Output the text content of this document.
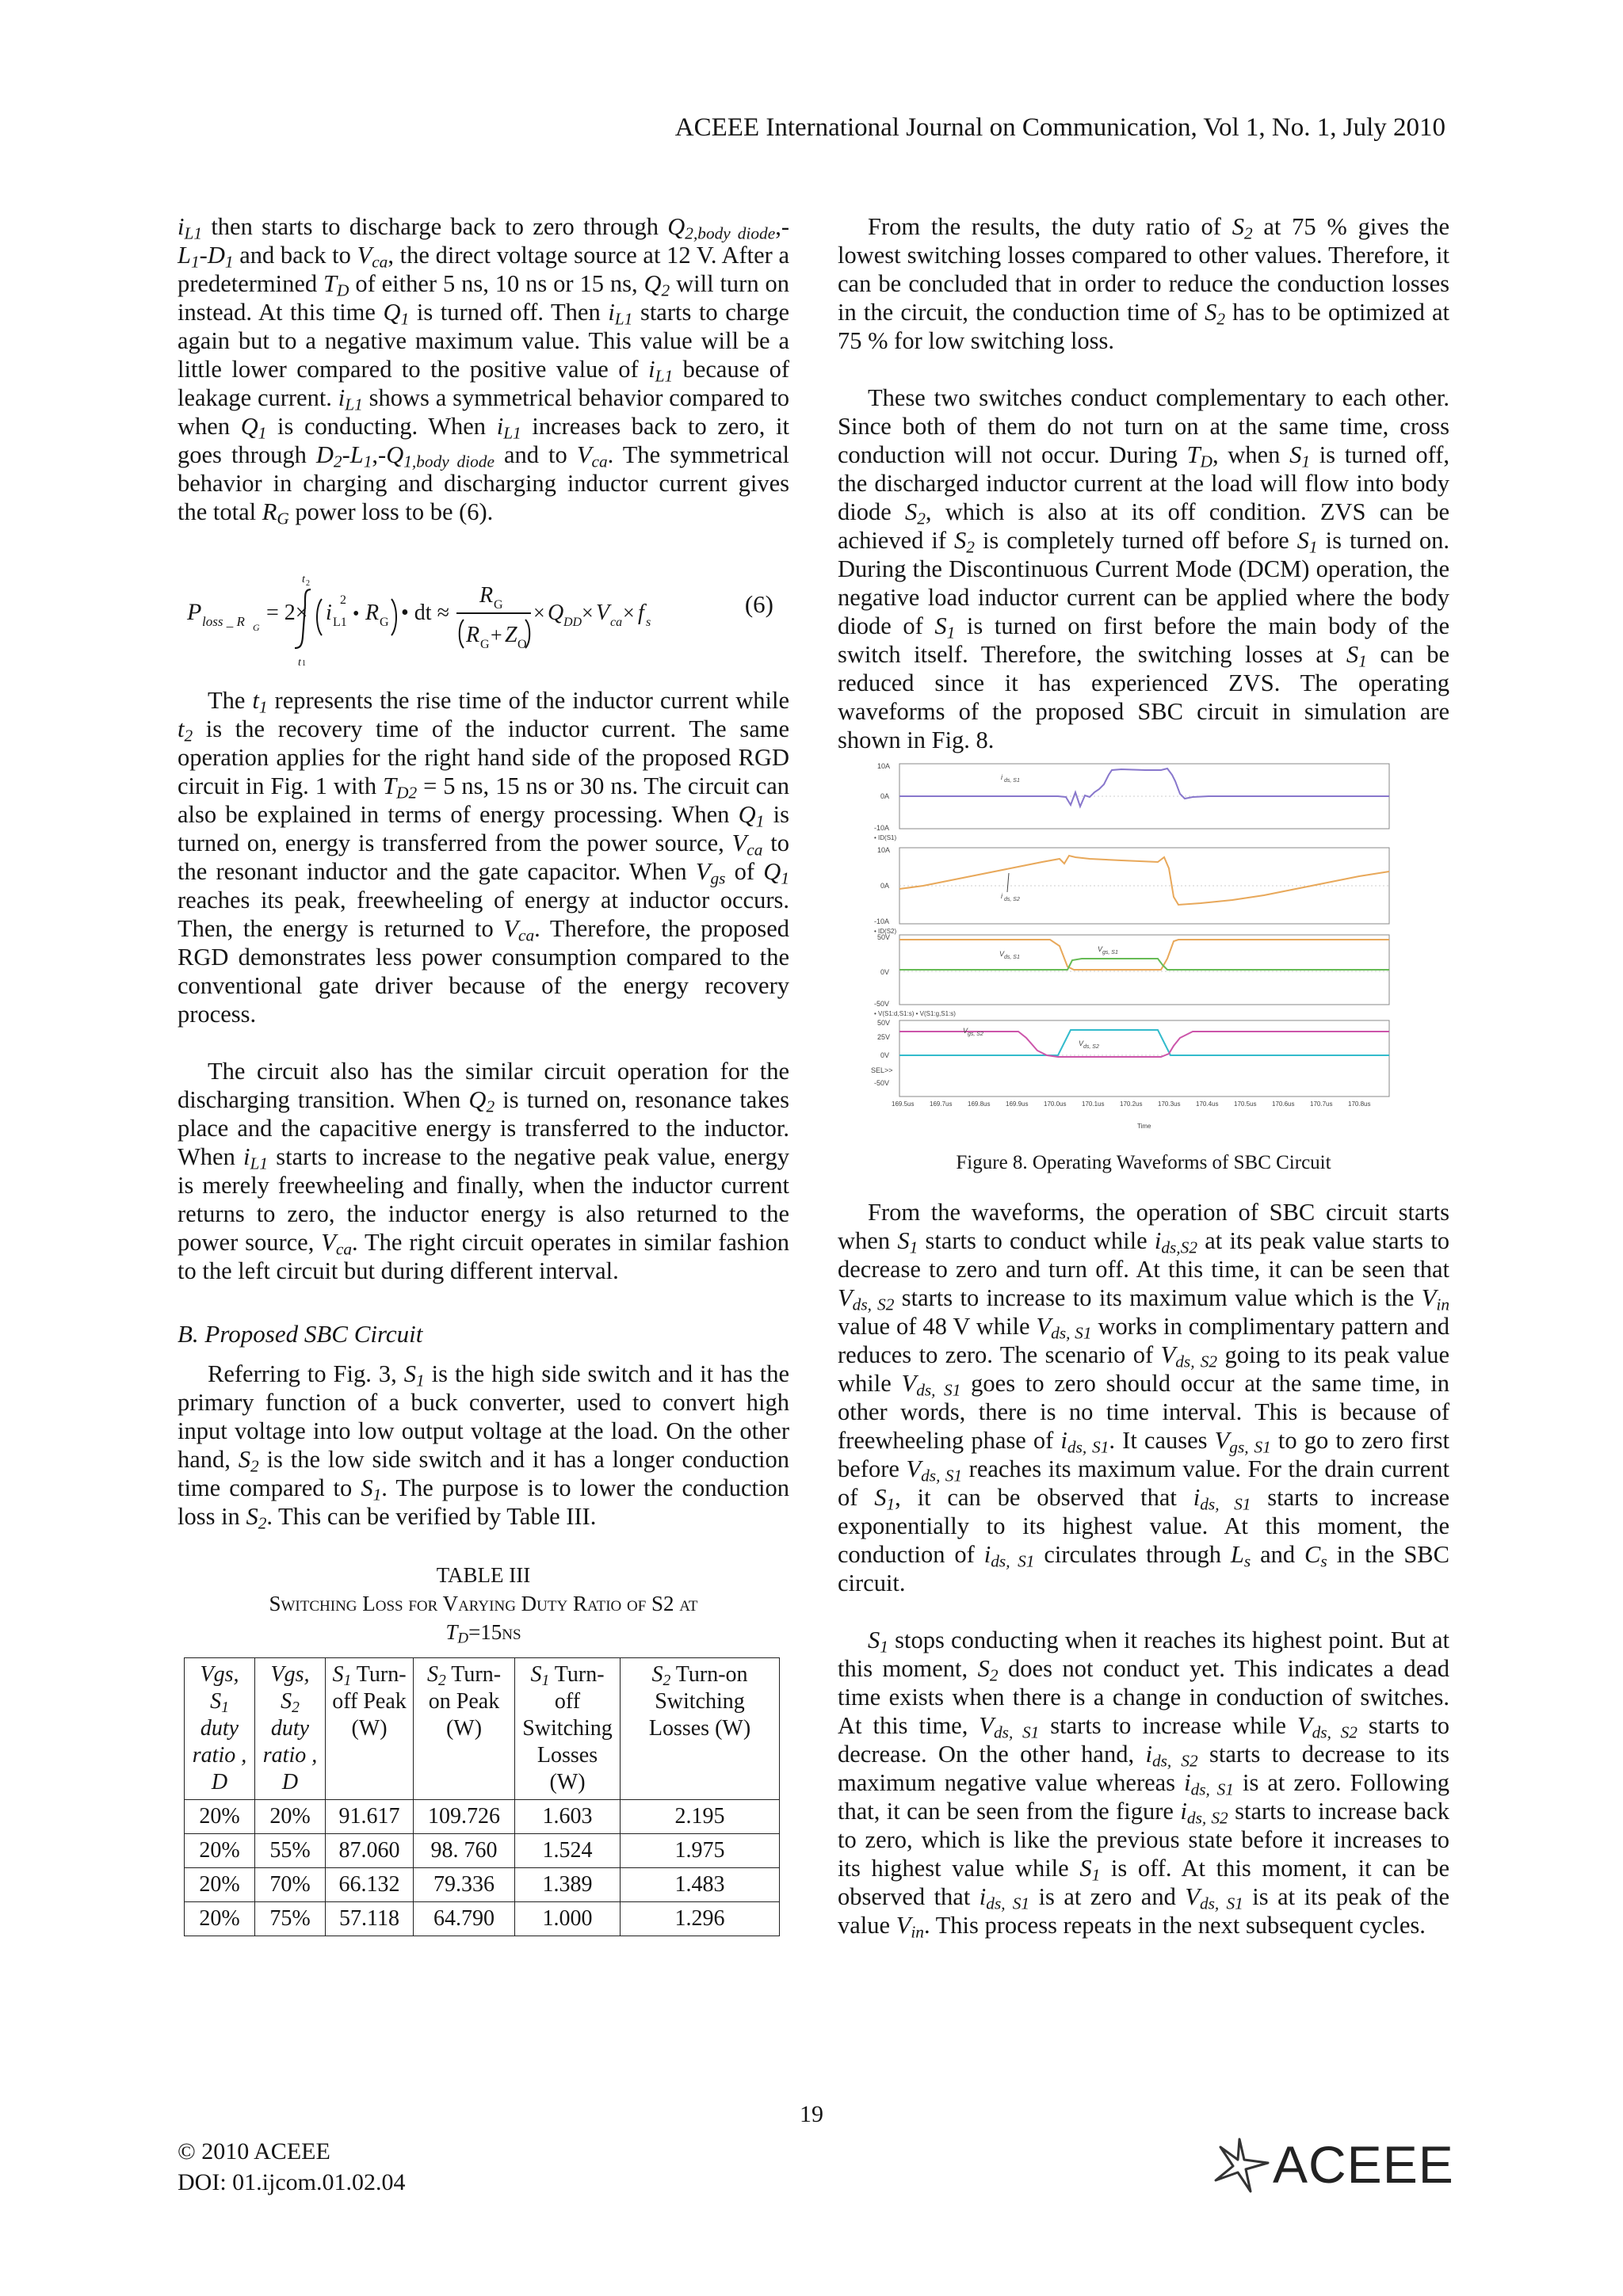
ACEEE International Journal on Communication, Vol 1, No. 1, July 2010

$i_{L1}$ then starts to discharge back to zero through $Q_{2,body diode},-L_1-D_1$ and back to $V_{ca}$, the direct voltage source at 12 V. After a predetermined $T_D$ of either 5 ns, 10 ns or 15 ns, $Q_2$ will turn on instead. At this time $Q_1$ is turned off. Then $i_{L1}$ starts to charge again but to a negative maximum value. This value will be a little lower compared to the positive value of $i_{L1}$ because of leakage current. $i_{L1}$ shows a symmetrical behavior compared to when $Q_1$ is conducting. When $i_{L1}$ increases back to zero, it goes through $D_2-L_1,-Q_{1,body diode}$ and to $V_{ca}$. The symmetrical behavior in charging and discharging inductor current gives the total $R_G$ power loss to be (6).

P loss _ R G
= 2×
t 2
t 1
i L1
2
• R G • dt ≈
R G
R G + Z O
× Q DD × V ca × f s
(6)

The $t_1$ represents the rise time of the inductor current while $t_2$ is the recovery time of the inductor current. The same operation applies for the right hand side of the proposed RGD circuit in Fig. 1 with $T_{D2} = 5$ ns, 15 ns or 30 ns. The circuit can also be explained in terms of energy processing. When $Q_1$ is turned on, energy is transferred from the power source, $V_{ca}$ to the resonant inductor and the gate capacitor. When $V_{gs}$ of $Q_1$ reaches its peak, freewheeling of energy at inductor occurs. Then, the energy is returned to $V_{ca}$. Therefore, the proposed RGD demonstrates less power consumption compared to the conventional gate driver because of the energy recovery process.

The circuit also has the similar circuit operation for the discharging transition. When $Q_2$ is turned on, resonance takes place and the capacitive energy is transferred to the inductor. When $i_{L1}$ starts to increase to the negative peak value, energy is merely freewheeling and finally, when the inductor current returns to zero, the inductor energy is also returned to the power source, $V_{ca}$. The right circuit operates in similar fashion to the left circuit but during different interval.

B. Proposed SBC Circuit

Referring to Fig. 3, $S_1$ is the high side switch and it has the primary function of a buck converter, used to convert high input voltage into low output voltage at the load. On the other hand, $S_2$ is the low side switch and it has a longer conduction time compared to $S_1$. The purpose is to lower the conduction loss in $S_2$. This can be verified by Table III.

TABLE III
Switching Loss for Varying Duty Ratio of S2 at
$T_D=15ns$
Vgs, $S_1$ duty ratio , D	Vgs, $S_2$ duty ratio , D	$S_1$ Turn-off Peak (W)	$S_2$ Turn-on Peak (W)	$S_1$ Turn-off Switching Losses (W)	$S_2$ Turn-on Switching Losses (W)
20%	20%	91.617	109.726	1.603	2.195
20%	55%	87.060	98. 760	1.524	1.975
20%	70%	66.132	79.336	1.389	1.483
20%	75%	57.118	64.790	1.000	1.296

From the results, the duty ratio of $S_2$ at 75 % gives the lowest switching losses compared to other values. Therefore, it can be concluded that in order to reduce the conduction losses in the circuit, the conduction time of $S_2$ has to be optimized at 75 % for low switching loss.

These two switches conduct complementary to each other. Since both of them do not turn on at the same time, cross conduction will not occur. During $T_D$, when $S_1$ is turned off, the discharged inductor current at the load will flow into body diode $S_2$, which is also at its off condition. ZVS can be achieved if $S_2$ is completely turned off before $S_1$ is turned on. During the Discontinuous Current Mode (DCM) operation, the negative load inductor current can be applied where the body diode of $S_1$ is turned on first before the main body of the switch itself. Therefore, the switching losses at $S_1$ can be reduced since it has experienced ZVS. The operating waveforms of the proposed SBC circuit in simulation are shown in Fig. 8.

10A
0A
-10A
• ID(S1)
i ds, S1
10A
0A
-10A
• ID(S2)
i ds, S2
50V
0V
-50V
• V(S1:d,S1:s) • V(S1:g,S1:s)
V ds, S1
V gs, S1
50V
25V
0V
SEL>>
-50V
V gs, S2
V ds, S2
169.5us 169.7us 169.8us 169.9us 170.0us 170.1us 170.2us 170.3us 170.4us 170.5us 170.6us 170.7us 170.8us
Time
Figure 8. Operating Waveforms of SBC Circuit

From the waveforms, the operation of SBC circuit starts when $S_1$ starts to conduct while $i_{ds,S2}$ at its peak value starts to decrease to zero and turn off. At this time, it can be seen that $V_{ds, S2}$ starts to increase to its maximum value which is the $V_{in}$ value of 48 V while $V_{ds, S1}$ works in complimentary pattern and reduces to zero. The scenario of $V_{ds, S2}$ going to its peak value while $V_{ds, S1}$ goes to zero should occur at the same time, in other words, there is no time interval. This is because of freewheeling phase of $i_{ds, S1}$. It causes $V_{gs, S1}$ to go to zero first before $V_{ds, S1}$ reaches its maximum value. For the drain current of $S_1$, it can be observed that $i_{ds, S1}$ starts to increase exponentially to its highest value. At this moment, the conduction of $i_{ds, S1}$ circulates through $L_s$ and $C_s$ in the SBC circuit.

$S_1$ stops conducting when it reaches its highest point. But at this moment, $S_2$ does not conduct yet. This indicates a dead time exists when there is a change in conduction of switches. At this time, $V_{ds, S1}$ starts to increase while $V_{ds, S2}$ starts to decrease. On the other hand, $i_{ds, S2}$ starts to decrease to its maximum negative value whereas $i_{ds, S1}$ is at zero. Following that, it can be seen from the figure $i_{ds, S2}$ starts to increase back to zero, which is like the previous state before it increases to its highest value while $S_1$ is off. At this moment, it can be observed that $i_{ds, S1}$ is at zero and $V_{ds, S1}$ is at its peak of the value $V_{in}$. This process repeats in the next subsequent cycles.

19
© 2010 ACEEE
DOI: 01.ijcom.01.02.04	ACEEE
